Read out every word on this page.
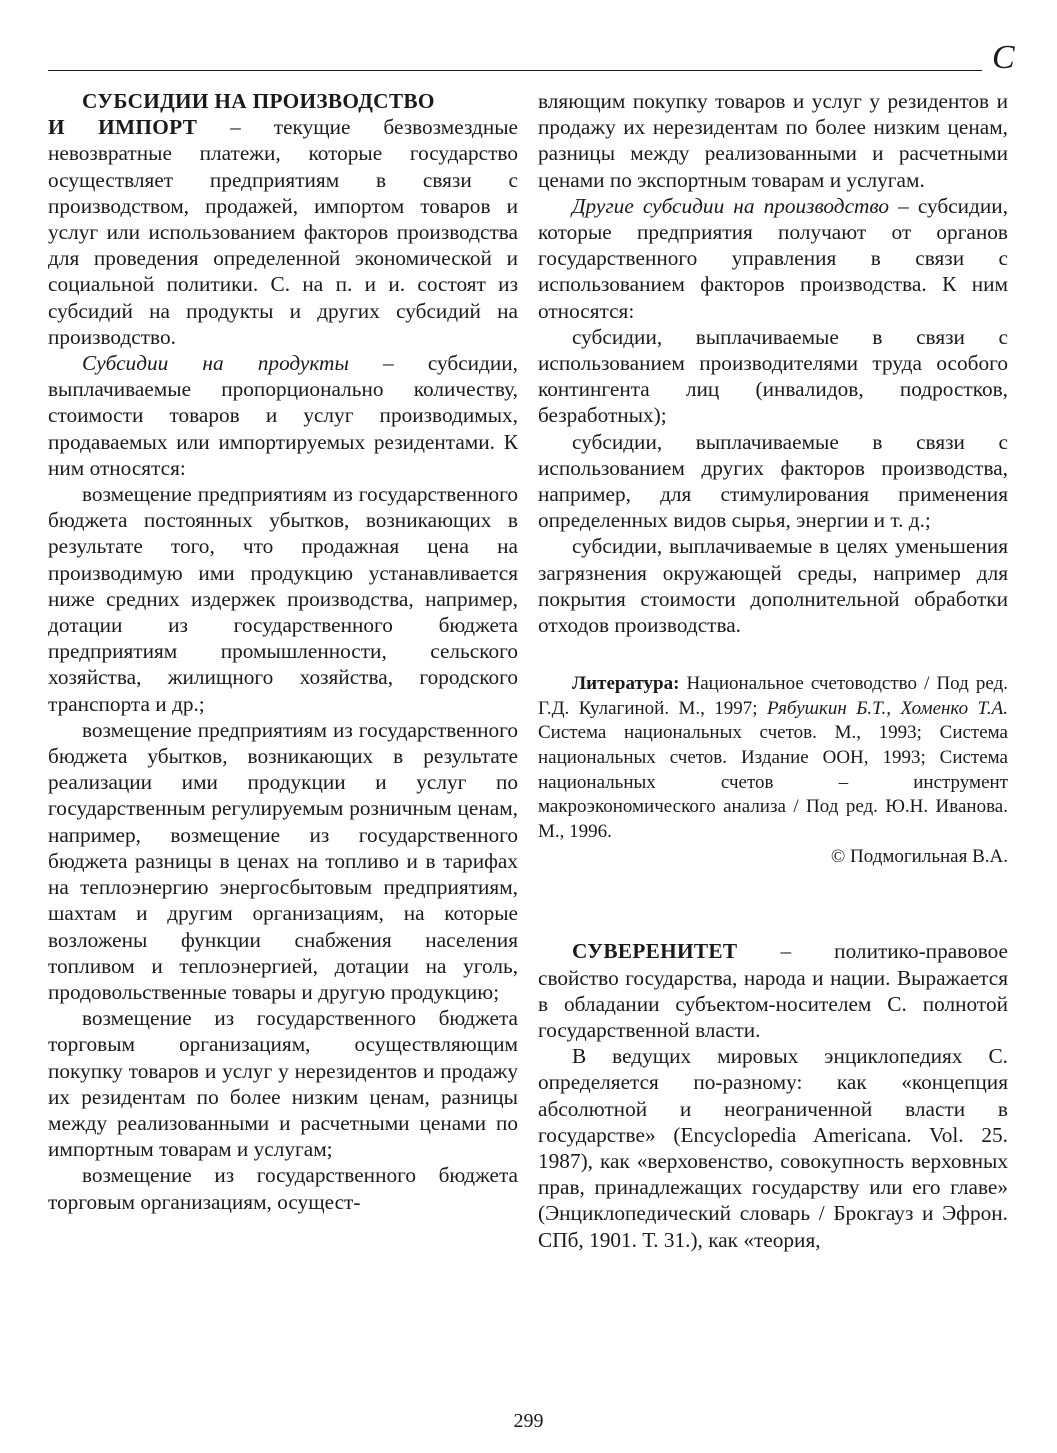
С

СУБСИДИИ НА ПРОИЗВОДСТВО
И ИМПОРТ – текущие безвозмездные невозвратные платежи, которые государство осуществляет предприятиям в связи с производством, продажей, импортом товаров и услуг или использованием факторов производства для проведения определенной экономической и социальной политики. С. на п. и и. состоят из субсидий на продукты и других субсидий на производство.

Субсидии на продукты – субсидии, выплачиваемые пропорционально количеству, стоимости товаров и услуг производимых, продаваемых или импортируемых резидентами. К ним относятся:

возмещение предприятиям из государственного бюджета постоянных убытков, возникающих в результате того, что продажная цена на производимую ими продукцию устанавливается ниже средних издержек производства, например, дотации из государственного бюджета предприятиям промышленности, сельского хозяйства, жилищного хозяйства, городского транспорта и др.;

возмещение предприятиям из государственного бюджета убытков, возникающих в результате реализации ими продукции и услуг по государственным регулируемым розничным ценам, например, возмещение из государственного бюджета разницы в ценах на топливо и в тарифах на теплоэнергию энергосбытовым предприятиям, шахтам и другим организациям, на которые возложены функции снабжения населения топливом и теплоэнергией, дотации на уголь, продовольственные товары и другую продукцию;

возмещение из государственного бюджета торговым организациям, осуществляющим покупку товаров и услуг у нерезидентов и продажу их резидентам по более низким ценам, разницы между реализованными и расчетными ценами по импортным товарам и услугам;

возмещение из государственного бюджета торговым организациям, осущест-

вляющим покупку товаров и услуг у резидентов и продажу их нерезидентам по более низким ценам, разницы между реализованными и расчетными ценами по экспортным товарам и услугам.

Другие субсидии на производство – субсидии, которые предприятия получают от органов государственного управления в связи с использованием факторов производства. К ним относятся:

субсидии, выплачиваемые в связи с использованием производителями труда особого контингента лиц (инвалидов, подростков, безработных);

субсидии, выплачиваемые в связи с использованием других факторов производства, например, для стимулирования применения определенных видов сырья, энергии и т. д.;

субсидии, выплачиваемые в целях уменьшения загрязнения окружающей среды, например для покрытия стоимости дополнительной обработки отходов производства.

Литература: Национальное счетоводство / Под ред. Г.Д. Кулагиной. М., 1997; Рябушкин Б.Т., Хоменко Т.А. Система национальных счетов. М., 1993; Система национальных счетов. Издание ООН, 1993; Система национальных счетов – инструмент макроэкономического анализа / Под ред. Ю.Н. Иванова. М., 1996.

© Подмогильная В.А.

СУВЕРЕНИТЕТ – политико-правовое свойство государства, народа и нации. Выражается в обладании субъектом-носителем С. полнотой государственной власти.

В ведущих мировых энциклопедиях С. определяется по-разному: как «концепция абсолютной и неограниченной власти в государстве» (Encyclopedia Americana. Vol. 25. 1987), как «верховенство, совокупность верховных прав, принадлежащих государству или его главе» (Энциклопедический словарь / Брокгауз и Эфрон. СПб, 1901. Т. 31.), как «теория,

299
